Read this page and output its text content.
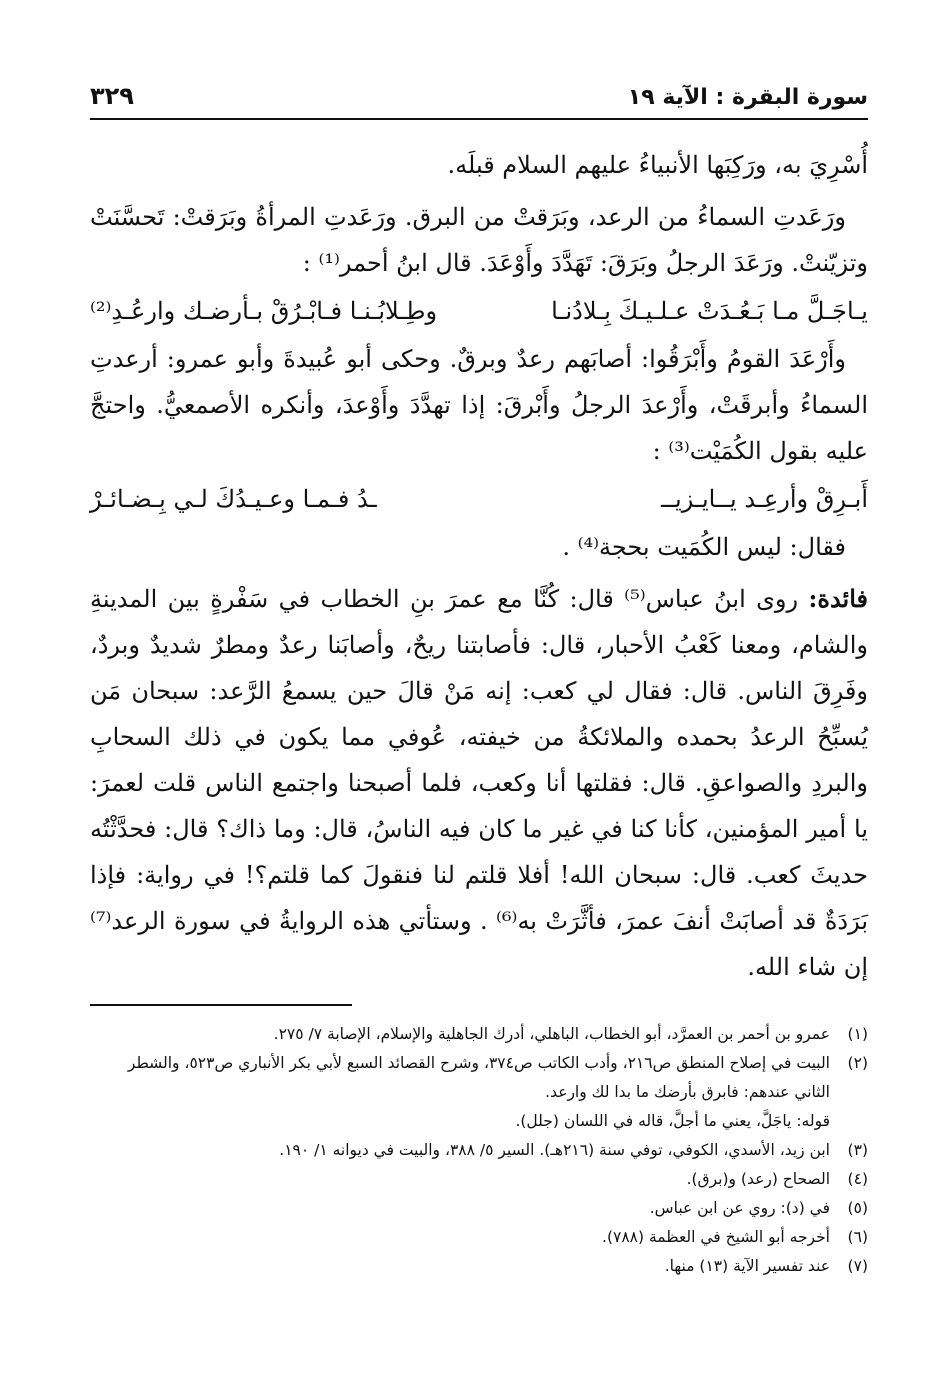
سورة البقرة : الآية ١٩
٣٢٩

أُسْرِيَ به، ورَكِبَها الأنبياءُ عليهم السلام قبلَه.

ورَعَدتِ السماءُ من الرعد، وبَرَقتْ من البرق. ورَعَدتِ المرأةُ وبَرَقتْ: تَحسَّنَتْ وتزيّنتْ. ورَعَدَ الرجلُ وبَرَقَ: تَهَدَّدَ وأَوْعَدَ. قال ابنُ أحمر⁽¹⁾ :

يـاجَـلَّ مـا بَـعُـدَتْ عـلـيـكَ بِـلادُنـا
وطِـلابُـنـا فـابْـرُقْ بـأرضـك وارعُـدِ⁽²⁾

وأَرْعَدَ القومُ وأَبْرَقُوا: أصابَهم رعدٌ وبرقٌ. وحكى أبو عُبيدةَ وأبو عمرو: أرعدتِ السماءُ وأبرقَتْ، وأَرْعدَ الرجلُ وأَبْرقَ: إذا تهدَّدَ وأَوْعدَ، وأنكره الأصمعيُّ. واحتجَّ عليه بقول الكُمَيْت⁽³⁾ :

أَبـرِقْ وأرعِـد يــايـزيــ
ـدُ فـمـا وعـيـدُكَ لـي بِـضـائـرْ

فقال: ليس الكُمَيت بحجة⁽⁴⁾ .

فائدة: روى ابنُ عباس⁽⁵⁾ قال: كُنَّا مع عمرَ بنِ الخطاب في سَفْرةٍ بين المدينةِ والشام، ومعنا كَعْبُ الأحبار، قال: فأصابتنا ريحٌ، وأصابَنا رعدٌ ومطرٌ شديدٌ وبردٌ، وفَرِقَ الناس. قال: فقال لي كعب: إنه مَنْ قالَ حين يسمعُ الرَّعد: سبحان مَن يُسبِّحُ الرعدُ بحمده والملائكةُ من خيفته، عُوفي مما يكون في ذلك السحابِ والبردِ والصواعقِ. قال: فقلتها أنا وكعب، فلما أصبحنا واجتمع الناس قلت لعمرَ: يا أمير المؤمنين، كأنا كنا في غير ما كان فيه الناسُ، قال: وما ذاك؟ قال: فحدَّثْتُه حديثَ كعب. قال: سبحان الله! أفلا قلتم لنا فنقولَ كما قلتم؟! في رواية: فإذا بَرَدَةٌ قد أصابَتْ أنفَ عمرَ، فأثَّرَتْ به⁽⁶⁾ . وستأتي هذه الروايةُ في سورة الرعد⁽⁷⁾ إن شاء الله.

(١)
عمرو بن أحمر بن العمرَّد، أبو الخطاب، الباهلي، أدرك الجاهلية والإسلام، الإصابة ٧/ ٢٧٥.
(٢)
البيت في إصلاح المنطق ص٢١٦، وأدب الكاتب ص٣٧٤، وشرح القصائد السبع لأبي بكر الأنباري ص٥٢٣، والشطر الثاني عندهم: فابرق بأرضك ما بدا لك وارعد.
قوله: ياجَلَّ، يعني ما أجلَّ، قاله في اللسان (جلل).
(٣)
ابن زيد، الأسدي، الكوفي، توفي سنة (٢١٦هـ). السير ٥/ ٣٨٨، والبيت في ديوانه ١/ ١٩٠.
(٤)
الصحاح (رعد) و(برق).
(٥)
في (د): روي عن ابن عباس.
(٦)
أخرجه أبو الشيخ في العظمة (٧٨٨).
(٧)
عند تفسير الآية (١٣) منها.
